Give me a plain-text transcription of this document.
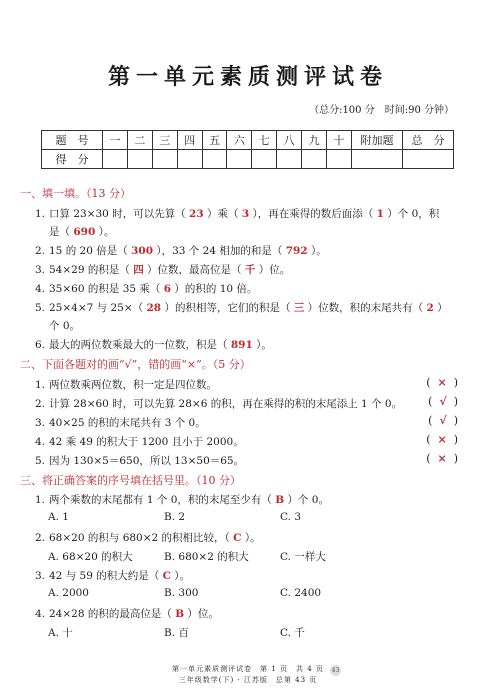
第一单元素质测评试卷
（总分:100 分　时间:90 分钟）
题　号	一	二	三	四	五	六	七	八	九	十	附加题	总　分
得　分												
一、填一填。（13 分）
1. 口算 23×30 时，可以先算（ 23 ）乘（ 3 ），再在乘得的数后面添（ 1 ）个 0，积
是（ 690 ）。
2. 15 的 20 倍是（ 300 ），33 个 24 相加的和是（ 792 ）。
3. 54×29 的积是（ 四 ）位数，最高位是（ 千 ）位。
4. 35×60 的积是 35 乘（ 6 ）的积的 10 倍。
5. 25×4×7 与 25×（ 28 ）的积相等，它们的积是（ 三 ）位数，积的末尾共有（ 2 ）
个 0。
6. 最大的两位数乘最大的一位数，积是（ 891 ）。
二、下面各题对的画“√”，错的画“×”。（5 分）
1. 两位数乘两位数，积一定是四位数。	( × )
2. 计算 28×60 时，可以先算 28×6 的积，再在乘得的积的末尾添上 1 个 0。 ( √ )
3. 40×25 的积的末尾共有 3 个 0。	( √ )
4. 42 乘 49 的积大于 1200 且小于 2000。	( × )
5. 因为 130×5＝650，所以 13×50＝65。	( × )
三、将正确答案的序号填在括号里。（10 分）
1. 两个乘数的末尾都有 1 个 0，积的末尾至少有（ B ）个 0。
A. 1	B. 2	C. 3
2. 68×20 的积与 680×2 的积相比较，（ C ）。
A. 68×20 的积大	B. 680×2 的积大	C. 一样大
3. 42 与 59 的积大约是（ C ）。
A. 2000	B. 300	C. 2400
4. 24×28 的积的最高位是（ B ）位。
A. 十	B. 百	C. 千
第一单元素质测评试卷　第 1 页　共 4 页
三年级数学(下) · 江苏版　总第 43 页
43
